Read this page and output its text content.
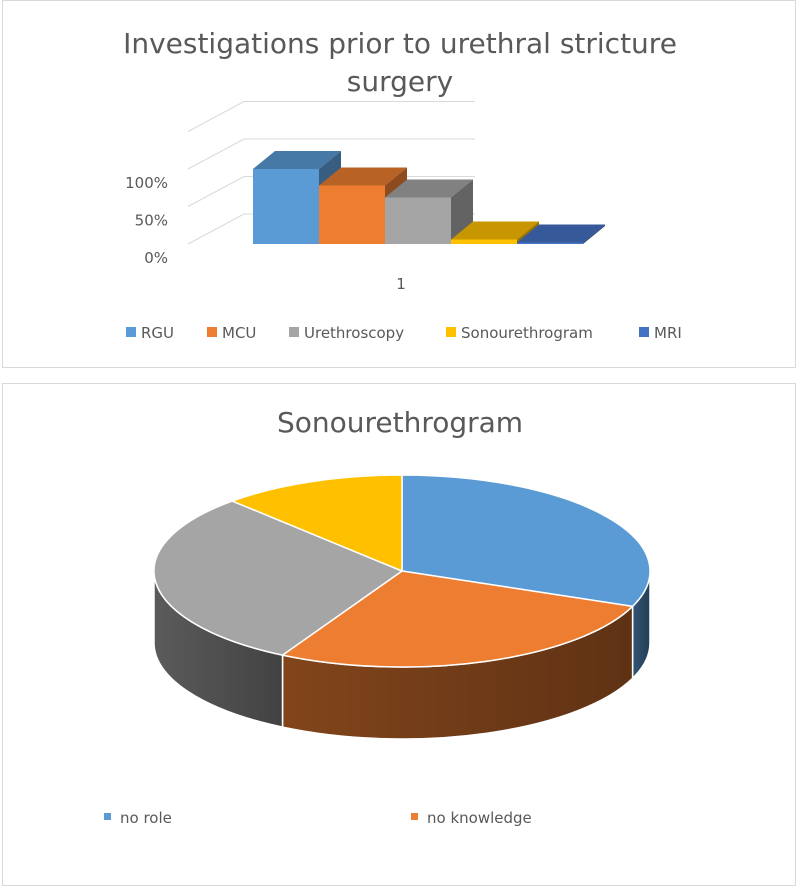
Investigations prior to urethral stricture
surgery
0%
50%
100%
1
RGU	MCU	Urethroscopy	Sonourethrogram	MRI
Sonourethrogram
no role	no knowledge
